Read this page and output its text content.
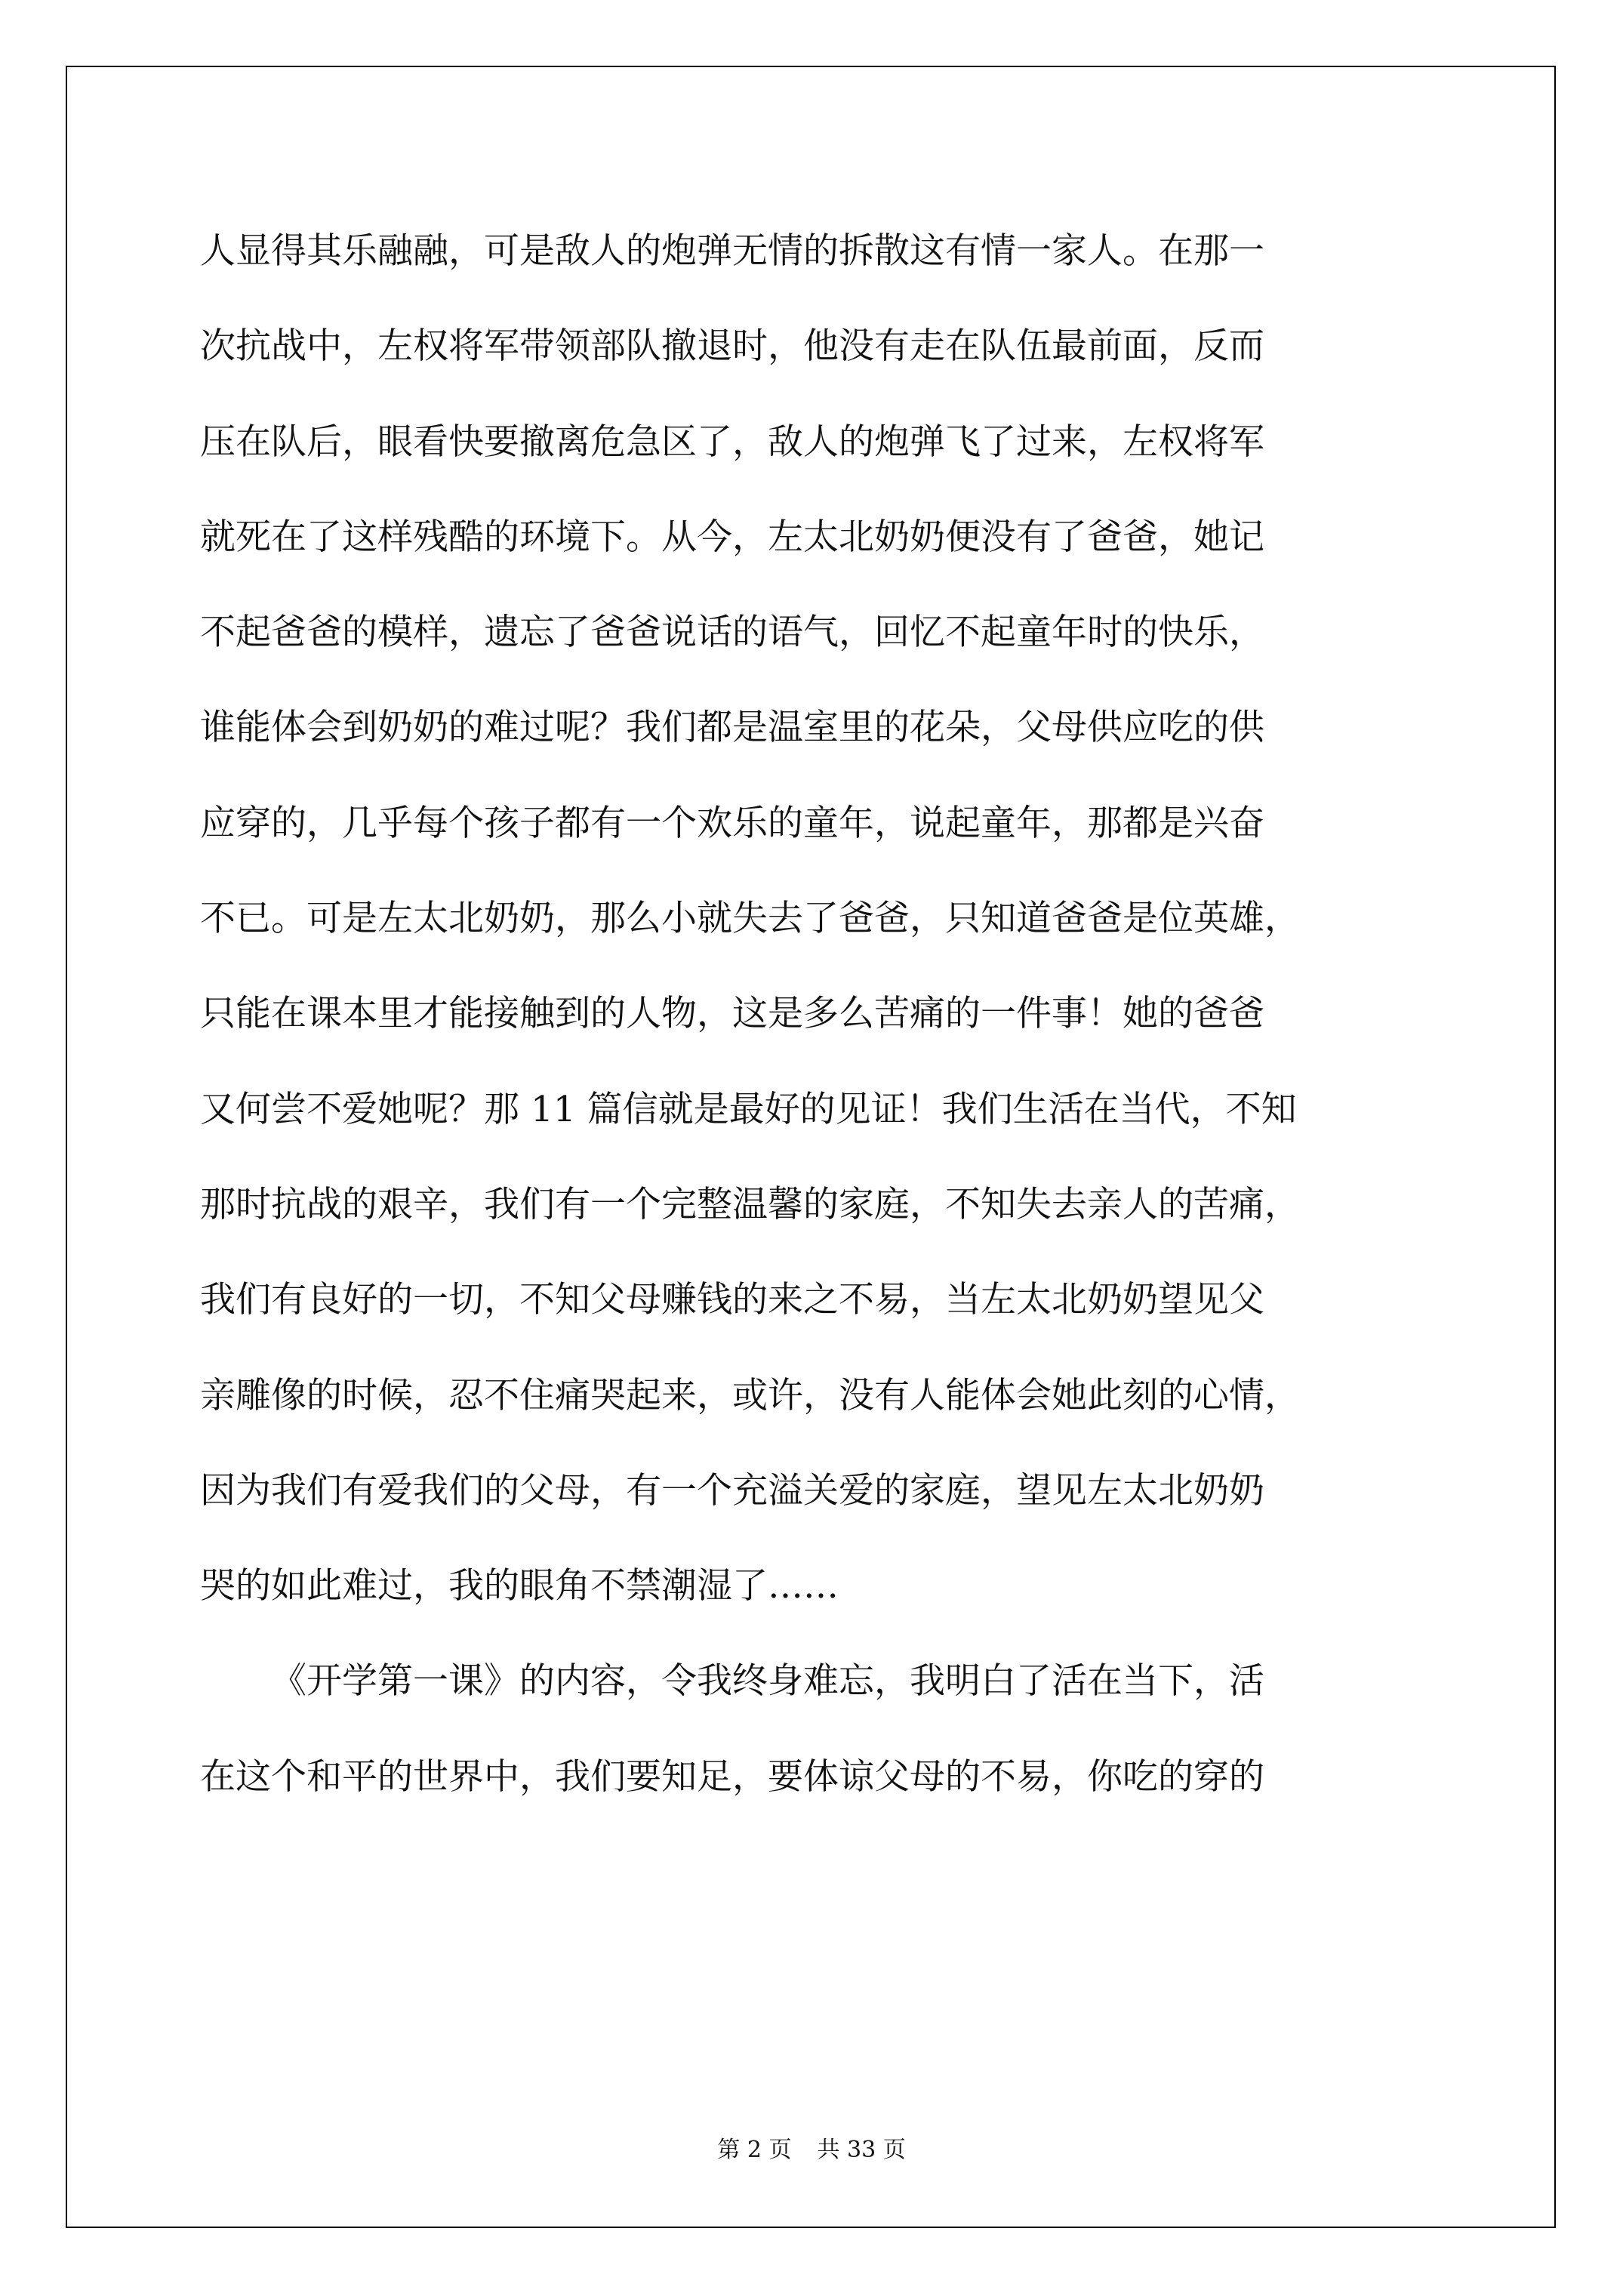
人显得其乐融融，可是敌人的炮弹无情的拆散这有情一家人。在那一
次抗战中，左权将军带领部队撤退时，他没有走在队伍最前面，反而
压在队后，眼看快要撤离危急区了，敌人的炮弹飞了过来，左权将军
就死在了这样残酷的环境下。从今，左太北奶奶便没有了爸爸，她记
不起爸爸的模样，遗忘了爸爸说话的语气，回忆不起童年时的快乐，
谁能体会到奶奶的难过呢？我们都是温室里的花朵，父母供应吃的供
应穿的，几乎每个孩子都有一个欢乐的童年，说起童年，那都是兴奋
不已。可是左太北奶奶，那么小就失去了爸爸，只知道爸爸是位英雄，
只能在课本里才能接触到的人物，这是多么苦痛的一件事！她的爸爸
又何尝不爱她呢？那 11 篇信就是最好的见证！我们生活在当代，不知
那时抗战的艰辛，我们有一个完整温馨的家庭，不知失去亲人的苦痛，
我们有良好的一切，不知父母赚钱的来之不易，当左太北奶奶望见父
亲雕像的时候，忍不住痛哭起来，或许，没有人能体会她此刻的心情，
因为我们有爱我们的父母，有一个充溢关爱的家庭，望见左太北奶奶
哭的如此难过，我的眼角不禁潮湿了……
《开学第一课》的内容，令我终身难忘，我明白了活在当下，活
在这个和平的世界中，我们要知足，要体谅父母的不易，你吃的穿的
第 2 页 共 33 页
